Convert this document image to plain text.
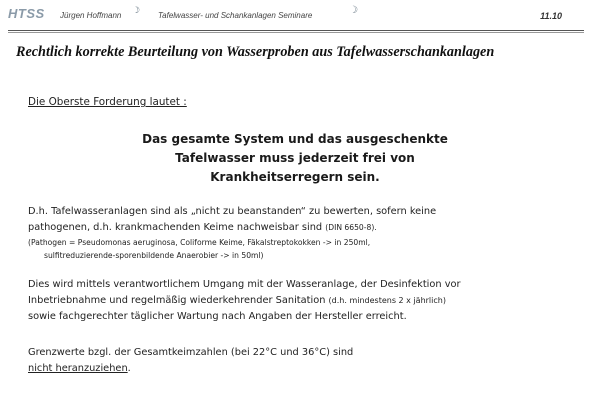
HTSS Jürgen Hoffmann ☽ Tafelwasser- und Schankanlagen Seminare	☽	11.10
Rechtlich korrekte Beurteilung von Wasserproben aus Tafelwasserschankanlagen
Die Oberste Forderung lautet :
Das gesamte System und das ausgeschenkte
Tafelwasser muss jederzeit frei von
Krankheitserregern sein.
D.h. Tafelwasseranlagen sind als „nicht zu beanstanden“ zu bewerten, sofern keine
pathogenen, d.h. krankmachenden Keime nachweisbar sind (DIN 6650-8).
(Pathogen = Pseudomonas aeruginosa, Coliforme Keime, Fäkalstreptokokken -> in 250ml,
sulfitreduzierende-sporenbildende Anaerobier -> in 50ml)
Dies wird mittels verantwortlichem Umgang mit der Wasseranlage, der Desinfektion vor
Inbetriebnahme und regelmäßig wiederkehrender Sanitation (d.h. mindestens 2 x jährlich)
sowie fachgerechter täglicher Wartung nach Angaben der Hersteller erreicht.
Grenzwerte bzgl. der Gesamtkeimzahlen (bei 22°C und 36°C) sind
nicht heranzuziehen.
